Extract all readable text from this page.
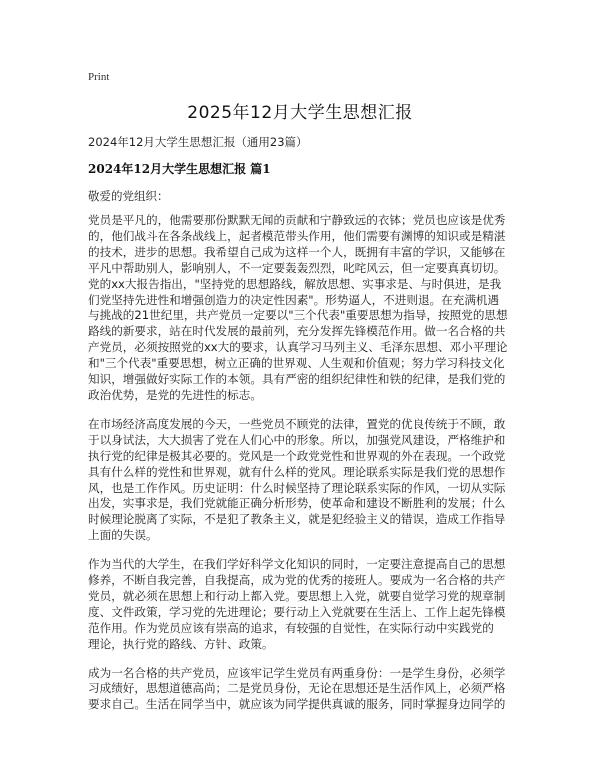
Print
2025年12月大学生思想汇报
2024年12月大学生思想汇报（通用23篇）
2024年12月大学生思想汇报 篇1
敬爱的党组织：

党员是平凡的，他需要那份默默无闻的贡献和宁静致远的衣钵；党员也应该是优秀
的，他们战斗在各条战线上，起者模范带头作用，他们需要有渊博的知识或是精湛
的技术，进步的思想。我希望自己成为这样一个人，既拥有丰富的学识，又能够在
平凡中帮助别人，影响别人，不一定要轰轰烈烈，叱咤风云，但一定要真真切切。
党的xx大报告指出，"坚持党的思想路线，解放思想、实事求是、与时俱进，是我
们党坚持先进性和增强创造力的决定性因素"。形势逼人，不进则退。在充满机遇
与挑战的21世纪里，共产党员一定要以"三个代表"重要思想为指导，按照党的思想
路线的新要求，站在时代发展的最前列，充分发挥先锋模范作用。做一名合格的共
产党员，必须按照党的xx大的要求，认真学习马列主义、毛泽东思想、邓小平理论
和"三个代表"重要思想，树立正确的世界观、人生观和价值观；努力学习科技文化
知识，增强做好实际工作的本领。具有严密的组织纪律性和铁的纪律，是我们党的
政治优势，是党的先进性的标志。

在市场经济高度发展的今天，一些党员不顾党的法律，置党的优良传统于不顾，敢
于以身试法，大大损害了党在人们心中的形象。所以，加强党风建设，严格维护和
执行党的纪律是极其必要的。党风是一个政党党性和世界观的外在表现。一个政党
具有什么样的党性和世界观，就有什么样的党风。理论联系实际是我们党的思想作
风，也是工作作风。历史证明：什么时候坚持了理论联系实际的作风，一切从实际
出发，实事求是，我们党就能正确分析形势，使革命和建设不断胜利的发展；什么
时候理论脱离了实际，不是犯了教条主义，就是犯经验主义的错误，造成工作指导
上面的失误。

作为当代的大学生，在我们学好科学文化知识的同时，一定要注意提高自己的思想
修养，不断自我完善，自我提高，成为党的优秀的接班人。要成为一名合格的共产
党员，就必须在思想上和行动上都入党。要思想上入党，就要自觉学习党的规章制
度、文件政策，学习党的先进理论；要行动上入党就要在生活上、工作上起先锋模
范作用。作为党员应该有崇高的追求，有较强的自觉性，在实际行动中实践党的
理论，执行党的路线、方针、政策。

成为一名合格的共产党员，应该牢记学生党员有两重身份：一是学生身份，必须学
习成绩好，思想道德高尚；二是党员身份，无论在思想还是生活作风上，必须严格
要求自己。生活在同学当中，就应该为同学提供真诚的服务，同时掌握身边同学的
